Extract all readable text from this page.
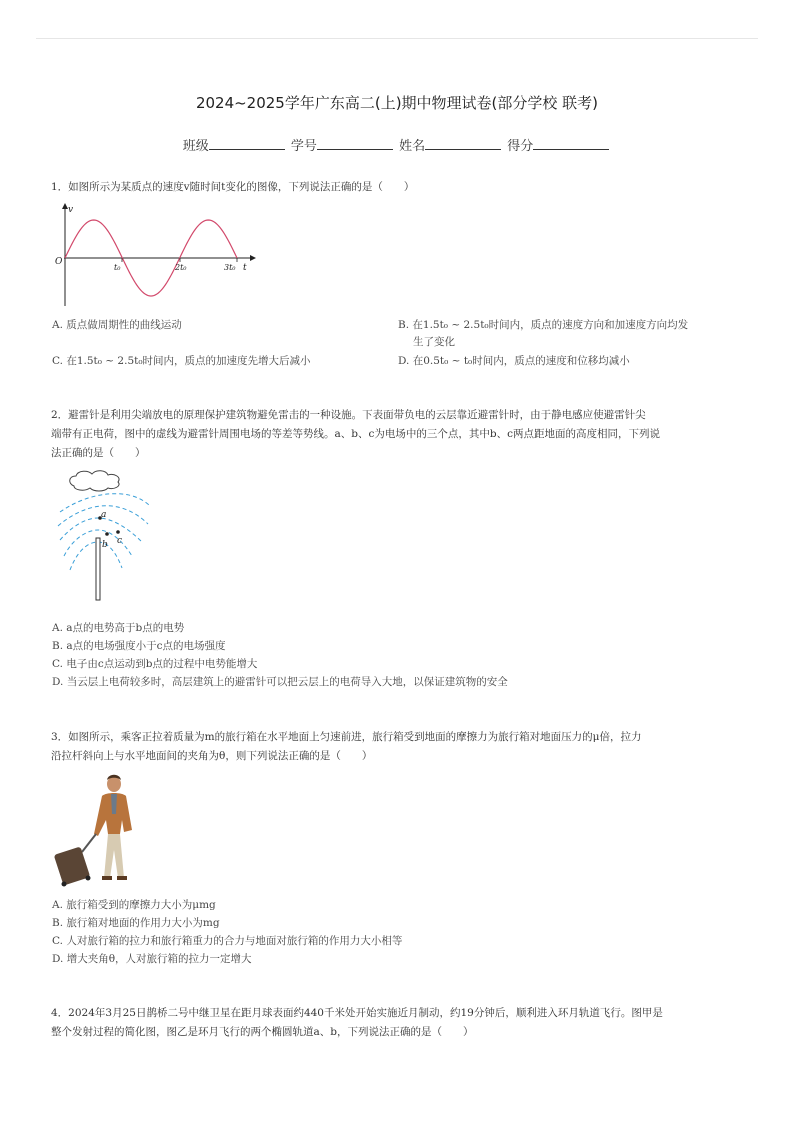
2024~2025学年广东高二(上)期中物理试卷(部分学校 联考)
班级	学号	姓名	得分
1．如图所示为某质点的速度v随时间t变化的图像，下列说法正确的是（　　）
v
O
t₀	2t₀	3t₀ t
A. 质点做周期性的曲线运动	B. 在1.5t₀ ~ 2.5t₀时间内，质点的速度方向和加速度方向均发
生了变化
C. 在1.5t₀ ~ 2.5t₀时间内，质点的加速度先增大后减小	D. 在0.5t₀ ~ t₀时间内，质点的速度和位移均减小
2．避雷针是利用尖端放电的原理保护建筑物避免雷击的一种设施。下表面带负电的云层靠近避雷针时，由于静电感应使避雷针尖
端带有正电荷，图中的虚线为避雷针周围电场的等差等势线。a、b、c为电场中的三个点，其中b、c两点距地面的高度相同，下列说
法正确的是（　　）
a
b c
A. a点的电势高于b点的电势
B. a点的电场强度小于c点的电场强度
C. 电子由c点运动到b点的过程中电势能增大
D. 当云层上电荷较多时，高层建筑上的避雷针可以把云层上的电荷导入大地，以保证建筑物的安全
3．如图所示，乘客正拉着质量为m的旅行箱在水平地面上匀速前进，旅行箱受到地面的摩擦力为旅行箱对地面压力的μ倍，拉力
沿拉杆斜向上与水平地面间的夹角为θ，则下列说法正确的是（　　）
A. 旅行箱受到的摩擦力大小为μmg
B. 旅行箱对地面的作用力大小为mg
C. 人对旅行箱的拉力和旅行箱重力的合力与地面对旅行箱的作用力大小相等
D. 增大夹角θ，人对旅行箱的拉力一定增大
4．2024年3月25日鹊桥二号中继卫星在距月球表面约440千米处开始实施近月制动，约19分钟后，顺利进入环月轨道飞行。图甲是
整个发射过程的简化图，图乙是环月飞行的两个椭圆轨道a、b，下列说法正确的是（　　）
